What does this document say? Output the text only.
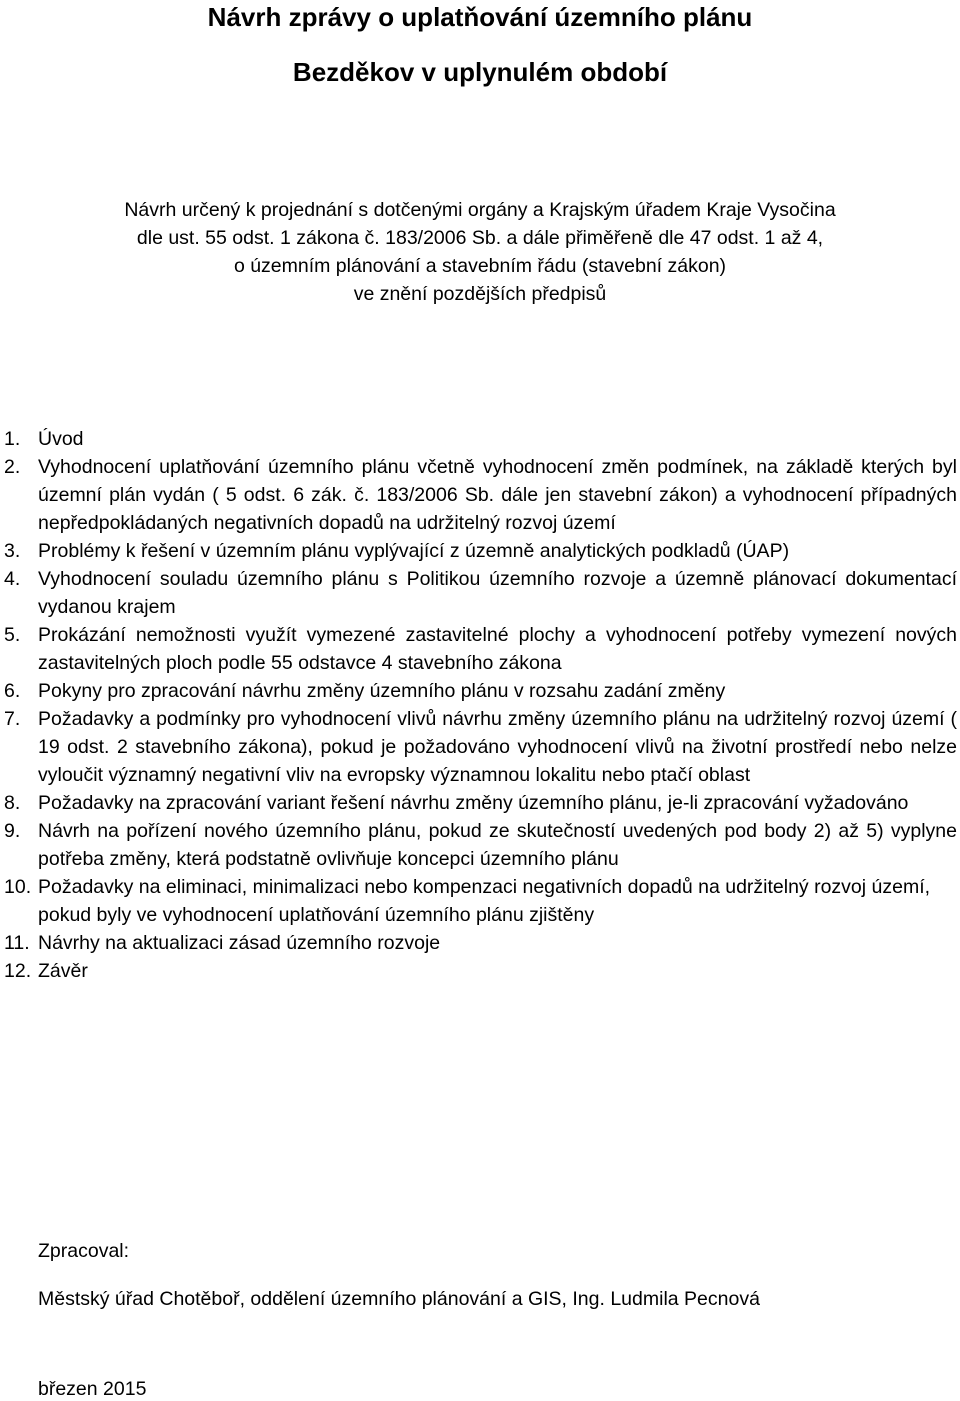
Návrh zprávy o uplatňování územního plánu
Bezděkov v uplynulém období
Návrh určený k projednání s dotčenými orgány a Krajským úřadem Kraje Vysočina
dle ust. 55 odst. 1 zákona č. 183/2006 Sb. a dále přiměřeně dle 47 odst. 1 až 4,
o územním plánování a stavebním řádu (stavební zákon)
ve znění pozdějších předpisů
1. Úvod
2. Vyhodnocení uplatňování územního plánu včetně vyhodnocení změn podmínek, na základě kterých byl územní plán vydán ( 5 odst. 6 zák. č. 183/2006 Sb. dále jen stavební zákon) a vyhodnocení případných nepředpokládaných negativních dopadů na udržitelný rozvoj území
3. Problémy k řešení v územním plánu vyplývající z územně analytických podkladů (ÚAP)
4. Vyhodnocení souladu územního plánu s Politikou územního rozvoje a územně plánovací dokumentací vydanou krajem
5. Prokázání nemožnosti využít vymezené zastavitelné plochy a vyhodnocení potřeby vymezení nových zastavitelných ploch podle 55 odstavce 4 stavebního zákona
6. Pokyny pro zpracování návrhu změny územního plánu v rozsahu zadání změny
7. Požadavky a podmínky pro vyhodnocení vlivů návrhu změny územního plánu na udržitelný rozvoj území ( 19 odst. 2 stavebního zákona), pokud je požadováno vyhodnocení vlivů na životní prostředí nebo nelze vyloučit významný negativní vliv na evropsky významnou lokalitu nebo ptačí oblast
8. Požadavky na zpracování variant řešení návrhu změny územního plánu, je-li zpracování vyžadováno
9. Návrh na pořízení nového územního plánu, pokud ze skutečností uvedených pod body 2) až 5) vyplyne potřeba změny, která podstatně ovlivňuje koncepci územního plánu
10. Požadavky na eliminaci, minimalizaci nebo kompenzaci negativních dopadů na udržitelný rozvoj území, pokud byly ve vyhodnocení uplatňování územního plánu zjištěny
11. Návrhy na aktualizaci zásad územního rozvoje
12. Závěr
Zpracoval:
Městský úřad Chotěboř, oddělení územního plánování a GIS, Ing. Ludmila Pecnová
březen 2015
